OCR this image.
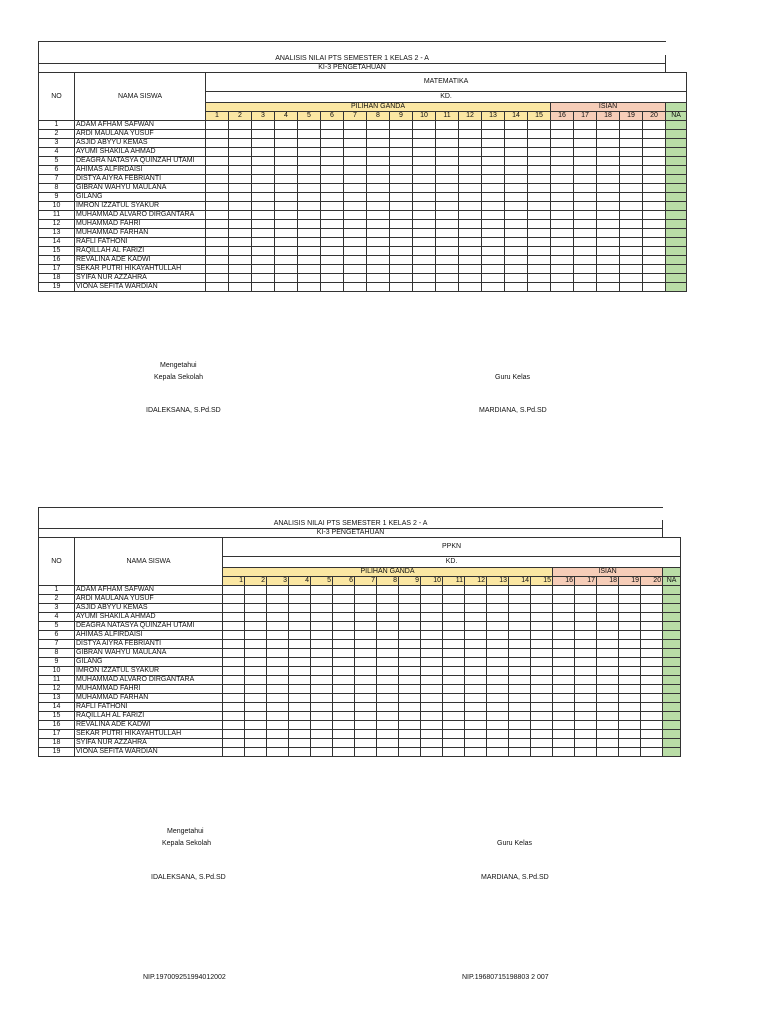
ANALISIS NILAI PTS SEMESTER 1 KELAS 2 - A																						
KI-3 PENGETAHUAN																						
NO	NAMA SISWA	MATEMATIKA																				
		KD.																				
		PILIHAN GANDA															ISIAN					
		1	2	3	4	5	6	7	8	9	10	11	12	13	14	15	16	17	18	19	20	NA
1	ADAM AFHAM SAFWAN																					
2	ARDI MAULANA YUSUF																					
3	ASJID ABYYU KEMAS																					
4	AYUMI SHAKILA AHMAD																					
5	DEAGRA NATASYA QUINZAH UTAMI																					
6	AHIMAS ALFIRDAISI																					
7	DISTYA AIYRA FEBRIANTI																					
8	GIBRAN WAHYU MAULANA																					
9	GILANG																					
10	IMRON IZZATUL SYAKUR																					
11	MUHAMMAD ALVARO DIRGANTARA																					
12	MUHAMMAD FAHRI																					
13	MUHAMMAD FARHAN																					
14	RAFLI FATHONI																					
15	RAQILLAH AL FARIZI																					
16	REVALINA ADE KADWI																					
17	SEKAR PUTRI HIKAYAHTULLAH																					
18	SYIFA NUR AZZAHRA																					
19	VIONA SEFITA WARDIAN																					
Mengetahui
Kepala Sekolah	Guru Kelas
IDALEKSANA, S.Pd.SD	MARDIANA, S.Pd.SD

ANALISIS NILAI PTS SEMESTER 1 KELAS 2 - A																						
KI-3 PENGETAHUAN																						
NO	NAMA SISWA	PPKN																				
		KD.																				
		PILIHAN GANDA															ISIAN					
		1	2	3	4	5	6	7	8	9	10	11	12	13	14	15	16	17	18	19	20	NA
1	ADAM AFHAM SAFWAN																					
2	ARDI MAULANA YUSUF																					
3	ASJID ABYYU KEMAS																					
4	AYUMI SHAKILA AHMAD																					
5	DEAGRA NATASYA QUINZAH UTAMI																					
6	AHIMAS ALFIRDAISI																					
7	DISTYA AIYRA FEBRIANTI																					
8	GIBRAN WAHYU MAULANA																					
9	GILANG																					
10	IMRON IZZATUL SYAKUR																					
11	MUHAMMAD ALVARO DIRGANTARA																					
12	MUHAMMAD FAHRI																					
13	MUHAMMAD FARHAN																					
14	RAFLI FATHONI																					
15	RAQILLAH AL FARIZI																					
16	REVALINA ADE KADWI																					
17	SEKAR PUTRI HIKAYAHTULLAH																					
18	SYIFA NUR AZZAHRA																					
19	VIONA SEFITA WARDIAN																					
Mengetahui
Kepala Sekolah	Guru Kelas
IDALEKSANA, S.Pd.SD	MARDIANA, S.Pd.SD
NIP.197009251994012002	NIP.19680715198803 2 007
